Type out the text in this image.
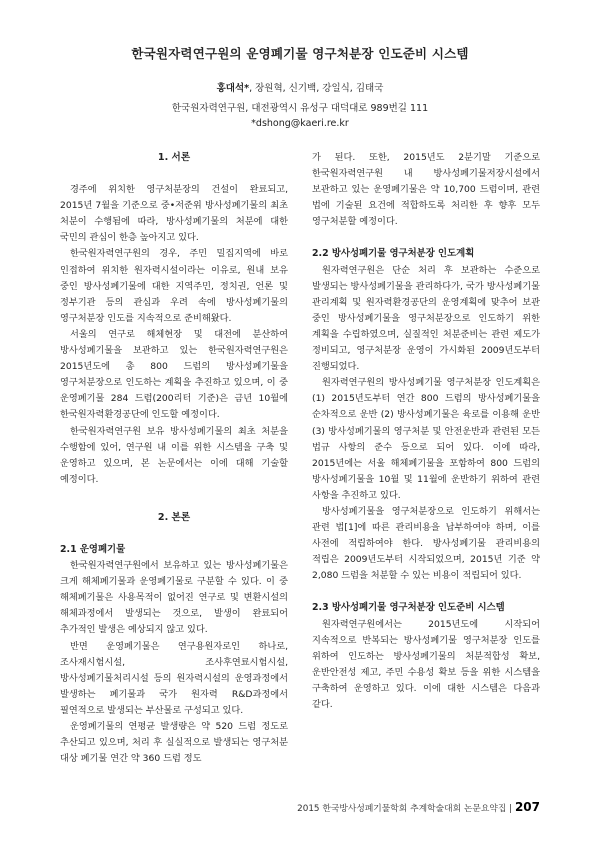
한국원자력연구원의 운영폐기물 영구처분장 인도준비 시스템
홍대석*, 장원혁, 신기백, 강일식, 김태국
한국원자력연구원, 대전광역시 유성구 대덕대로 989번길 111
*dshong@kaeri.re.kr
1. 서론

경주에 위치한 영구처분장의 건설이 완료되고, 2015년 7월을 기준으로 중•저준위 방사성폐기물의 최초 처분이 수행됨에 따라, 방사성폐기물의 처분에 대한 국민의 관심이 한층 높아지고 있다.

한국원자력연구원의 경우, 주민 밀집지역에 바로 인접하여 위치한 원자력시설이라는 이유로, 원내 보유 중인 방사성폐기물에 대한 지역주민, 정치권, 언론 및 정부기관 등의 관심과 우려 속에 방사성폐기물의 영구처분장 인도를 지속적으로 준비해왔다.

서울의 연구로 해체현장 및 대전에 분산하여 방사성폐기물을 보관하고 있는 한국원자력연구원은 2015년도에 총 800 드럼의 방사성폐기물을 영구처분장으로 인도하는 계획을 추진하고 있으며, 이 중 운영폐기물 284 드럼(200리터 기준)은 금년 10월에 한국원자력환경공단에 인도할 예정이다.

한국원자력연구원 보유 방사성폐기물의 최초 처분을 수행함에 있어, 연구원 내 이를 위한 시스템을 구축 및 운영하고 있으며, 본 논문에서는 이에 대해 기술할 예정이다.

2. 본론
2.1 운영폐기물

한국원자력연구원에서 보유하고 있는 방사성폐기물은 크게 해체폐기물과 운영폐기물로 구분할 수 있다. 이 중 해체폐기물은 사용목적이 없어진 연구로 및 변환시설의 해체과정에서 발생되는 것으로, 발생이 완료되어 추가적인 발생은 예상되지 않고 있다.

반면 운영폐기물은 연구용원자로인 하나로, 조사재시험시설, 조사후연료시험시설, 방사성폐기물처리시설 등의 원자력시설의 운영과정에서 발생하는 폐기물과 국가 원자력 R&D과정에서 필연적으로 발생되는 부산물로 구성되고 있다.

운영폐기물의 연평균 발생량은 약 520 드럼 정도로 추산되고 있으며, 처리 후 실실적으로 발생되는 영구처분 대상 폐기물 연간 약 360 드럼 정도

가 된다. 또한, 2015년도 2분기말 기준으로 한국원자력연구원 내 방사성폐기물저장시설에서 보관하고 있는 운영폐기물은 약 10,700 드럼이며, 관련 법에 기술된 요건에 적합하도록 처리한 후 향후 모두 영구처분할 예정이다.

2.2 방사성폐기물 영구처분장 인도계획

원자력연구원은 단순 처리 후 보관하는 수준으로 발생되는 방사성폐기물을 관리하다가, 국가 방사성폐기물 관리계획 및 원자력환경공단의 운영계획에 맞추어 보관 중인 방사성폐기물을 영구처분장으로 인도하기 위한 계획을 수립하였으며, 실질적인 처분준비는 관련 제도가 정비되고, 영구처분장 운영이 가시화된 2009년도부터 진행되었다.

원자력연구원의 방사성폐기물 영구처분장 인도계획은 (1) 2015년도부터 연간 800 드럼의 방사성폐기물을 순차적으로 운반 (2) 방사성폐기물은 육로를 이용해 운반 (3) 방사성폐기물의 영구처분 및 안전운반과 관련된 모든 법규 사항의 준수 등으로 되어 있다. 이에 따라, 2015년에는 서울 해체폐기물을 포함하여 800 드럼의 방사성폐기물을 10월 및 11월에 운반하기 위하여 관련 사항을 추진하고 있다.

방사성폐기물을 영구처분장으로 인도하기 위해서는 관련 법[1]에 따른 관리비용을 납부하여야 하며, 이를 사전에 적립하여야 한다. 방사성폐기물 관리비용의 적립은 2009년도부터 시작되었으며, 2015년 기준 약 2,080 드럼을 처분할 수 있는 비용이 적립되어 있다.

2.3 방사성폐기물 영구처분장 인도준비 시스템

원자력연구원에서는 2015년도에 시작되어 지속적으로 반복되는 방사성폐기물 영구처분장 인도를 위하여 인도하는 방사성폐기물의 처분적합성 확보, 운반안전성 제고, 주민 수용성 확보 등을 위한 시스템을 구축하여 운영하고 있다. 이에 대한 시스템은 다음과 같다.

2015 한국방사성폐기물학회 추계학술대회 논문요약집 | 207
